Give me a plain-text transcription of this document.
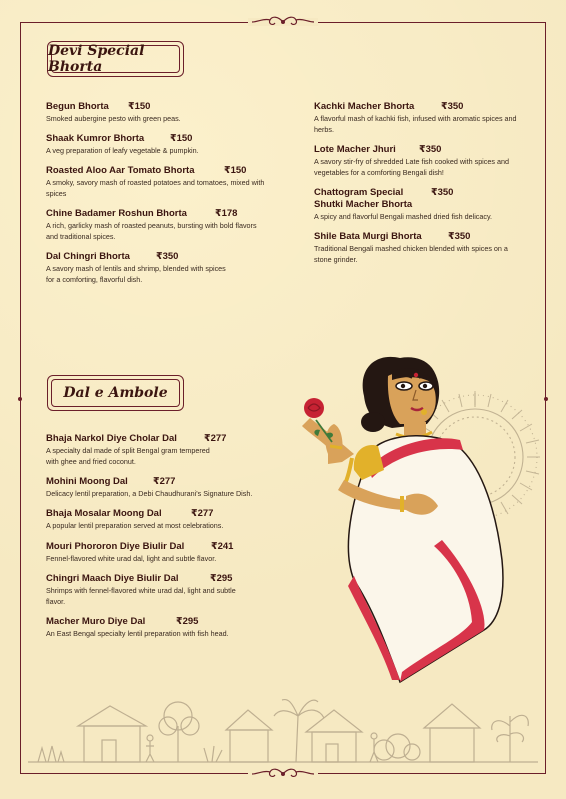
Devi Special Bhorta
Begun Bhorta	₹150
Smoked aubergine pesto with green peas.
Shaak Kumror Bhorta	₹150
A veg preparation of leafy vegetable & pumpkin.
Roasted Aloo Aar Tomato Bhorta	₹150
A smoky, savory mash of roasted potatoes and tomatoes, mixed with spices
Chine Badamer Roshun Bhorta	₹178
A rich, garlicky mash of roasted peanuts, bursting with bold flavors and traditional spices.
Dal Chingri Bhorta	₹350
A savory mash of lentils and shrimp, blended with spices for a comforting, flavorful dish.
Kachki Macher Bhorta	₹350
A flavorful mash of kachki fish, infused with aromatic spices and herbs.
Lote Macher Jhuri	₹350
A savory stir-fry of shredded Late fish cooked with spices and vegetables for a comforting Bengali dish!
Chattogram Special
Shutki Macher Bhorta
₹350
A spicy and flavorful Bengali mashed dried fish delicacy.
Shile Bata Murgi Bhorta	₹350
Traditional Bengali mashed chicken blended with spices on a stone grinder.
Dal e Ambole
Bhaja Narkol Diye Cholar Dal	₹277
A specialty dal made of split Bengal gram tempered with ghee and fried coconut.
Mohini Moong Dal	₹277
Delicacy lentil preparation, a Debi Chaudhurani's Signature Dish.
Bhaja Mosalar Moong Dal	₹277
A popular lentil preparation served at most celebrations.
Mouri Phororon Diye Biulir Dal	₹241
Fennel-flavored white urad dal, light and subtle flavor.
Chingri Maach Diye Biulir Dal	₹295
Shrimps with fennel-flavored white urad dal, light and subtle flavor.
Macher Muro Diye Dal	₹295
An East Bengal specialty lentil preparation with fish head.
